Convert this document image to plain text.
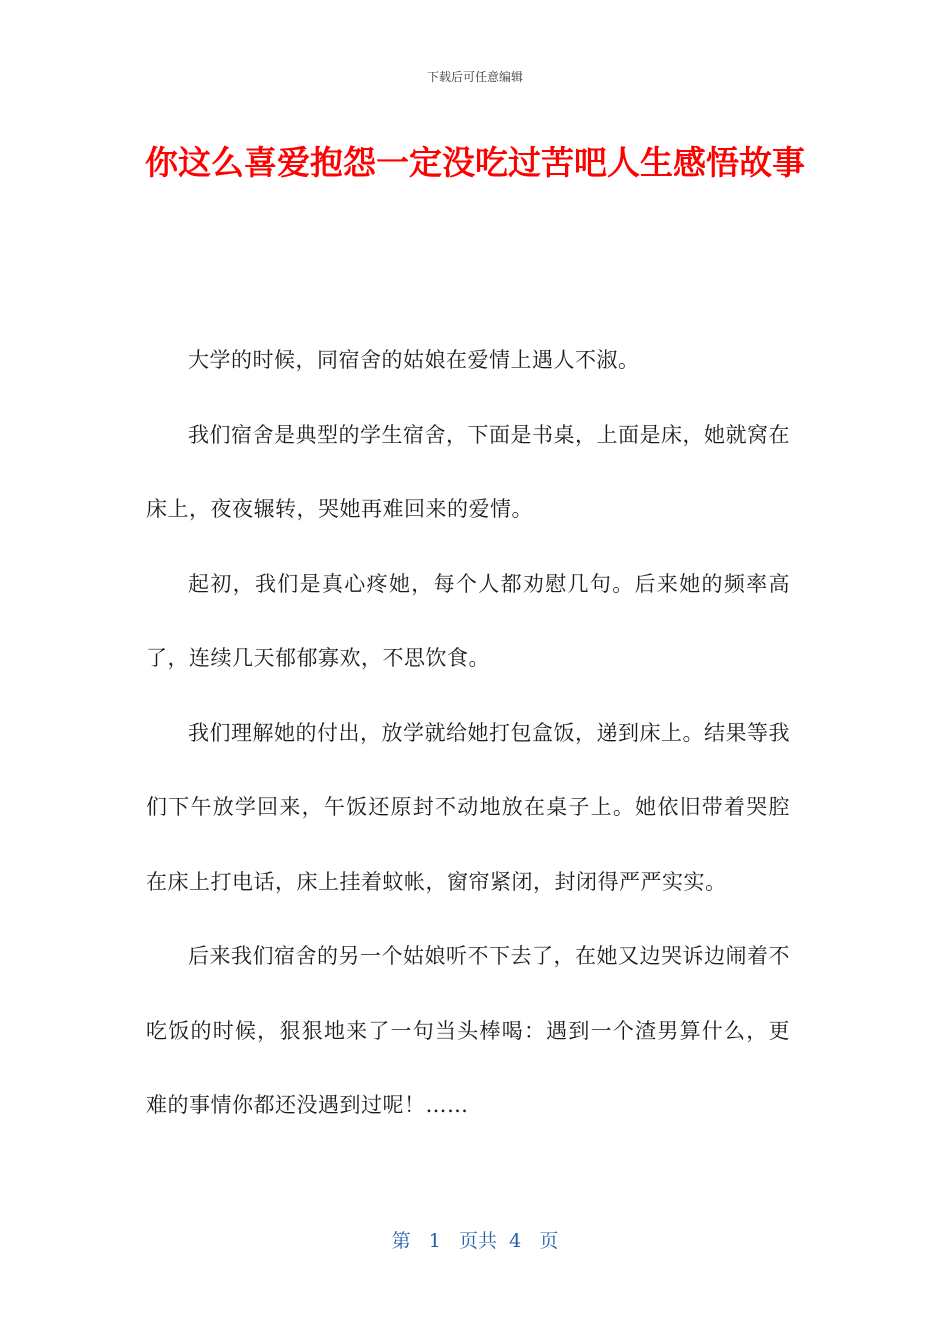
下载后可任意编辑
你这么喜爱抱怨一定没吃过苦吧人生感悟故事

大学的时候，同宿舍的姑娘在爱情上遇人不淑。

我们宿舍是典型的学生宿舍，下面是书桌，上面是床，她就窝在床上，夜夜辗转，哭她再难回来的爱情。

起初，我们是真心疼她，每个人都劝慰几句。后来她的频率高了，连续几天郁郁寡欢，不思饮食。

我们理解她的付出，放学就给她打包盒饭，递到床上。结果等我们下午放学回来，午饭还原封不动地放在桌子上。她依旧带着哭腔在床上打电话，床上挂着蚊帐，窗帘紧闭，封闭得严严实实。

后来我们宿舍的另一个姑娘听不下去了，在她又边哭诉边闹着不吃饭的时候，狠狠地来了一句当头棒喝：遇到一个渣男算什么，更难的事情你都还没遇到过呢！……

第 1 页共 4 页
